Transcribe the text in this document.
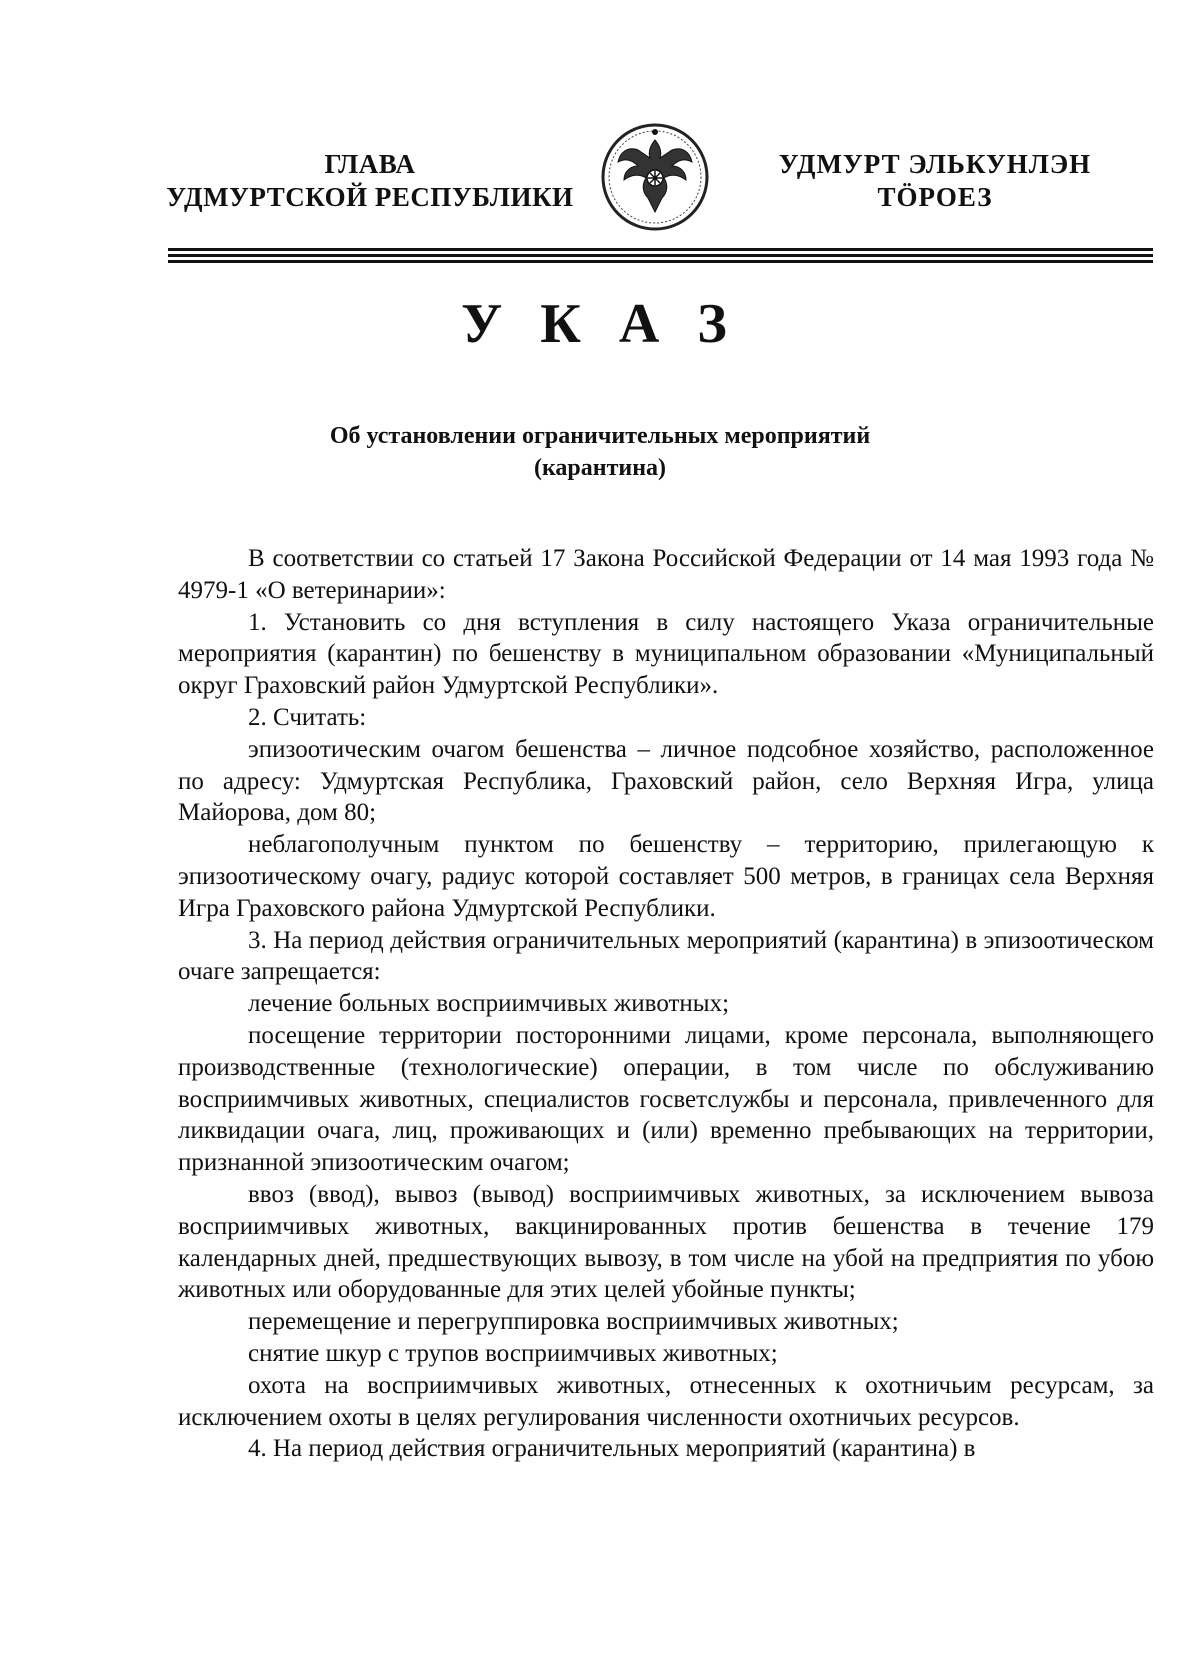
ГЛАВА
УДМУРТСКОЙ РЕСПУБЛИКИ
УДМУРТ ЭЛЬКУНЛЭН
ТӦРОЕЗ
У К А З
Об установлении ограничительных мероприятий
(карантина)

В соответствии со статьей 17 Закона Российской Федерации от 14 мая 1993 года № 4979-1 «О ветеринарии»:

1. Установить со дня вступления в силу настоящего Указа ограничительные мероприятия (карантин) по бешенству в муниципальном образовании «Муниципальный округ Граховский район Удмуртской Республики».

2. Считать:

эпизоотическим очагом бешенства – личное подсобное хозяйство, расположенное по адресу: Удмуртская Республика, Граховский район, село Верхняя Игра, улица Майорова, дом 80;

неблагополучным пунктом по бешенству – территорию, прилегающую к эпизоотическому очагу, радиус которой составляет 500 метров, в границах села Верхняя Игра Граховского района Удмуртской Республики.

3. На период действия ограничительных мероприятий (карантина) в эпизоотическом очаге запрещается:

лечение больных восприимчивых животных;

посещение территории посторонними лицами, кроме персонала, выполняющего производственные (технологические) операции, в том числе по обслуживанию восприимчивых животных, специалистов госветслужбы и персонала, привлеченного для ликвидации очага, лиц, проживающих и (или) временно пребывающих на территории, признанной эпизоотическим очагом;

ввоз (ввод), вывоз (вывод) восприимчивых животных, за исключением вывоза восприимчивых животных, вакцинированных против бешенства в течение 179 календарных дней, предшествующих вывозу, в том числе на убой на предприятия по убою животных или оборудованные для этих целей убойные пункты;

перемещение и перегруппировка восприимчивых животных;

снятие шкур с трупов восприимчивых животных;

охота на восприимчивых животных, отнесенных к охотничьим ресурсам, за исключением охоты в целях регулирования численности охотничьих ресурсов.

4. На период действия ограничительных мероприятий (карантина) в
